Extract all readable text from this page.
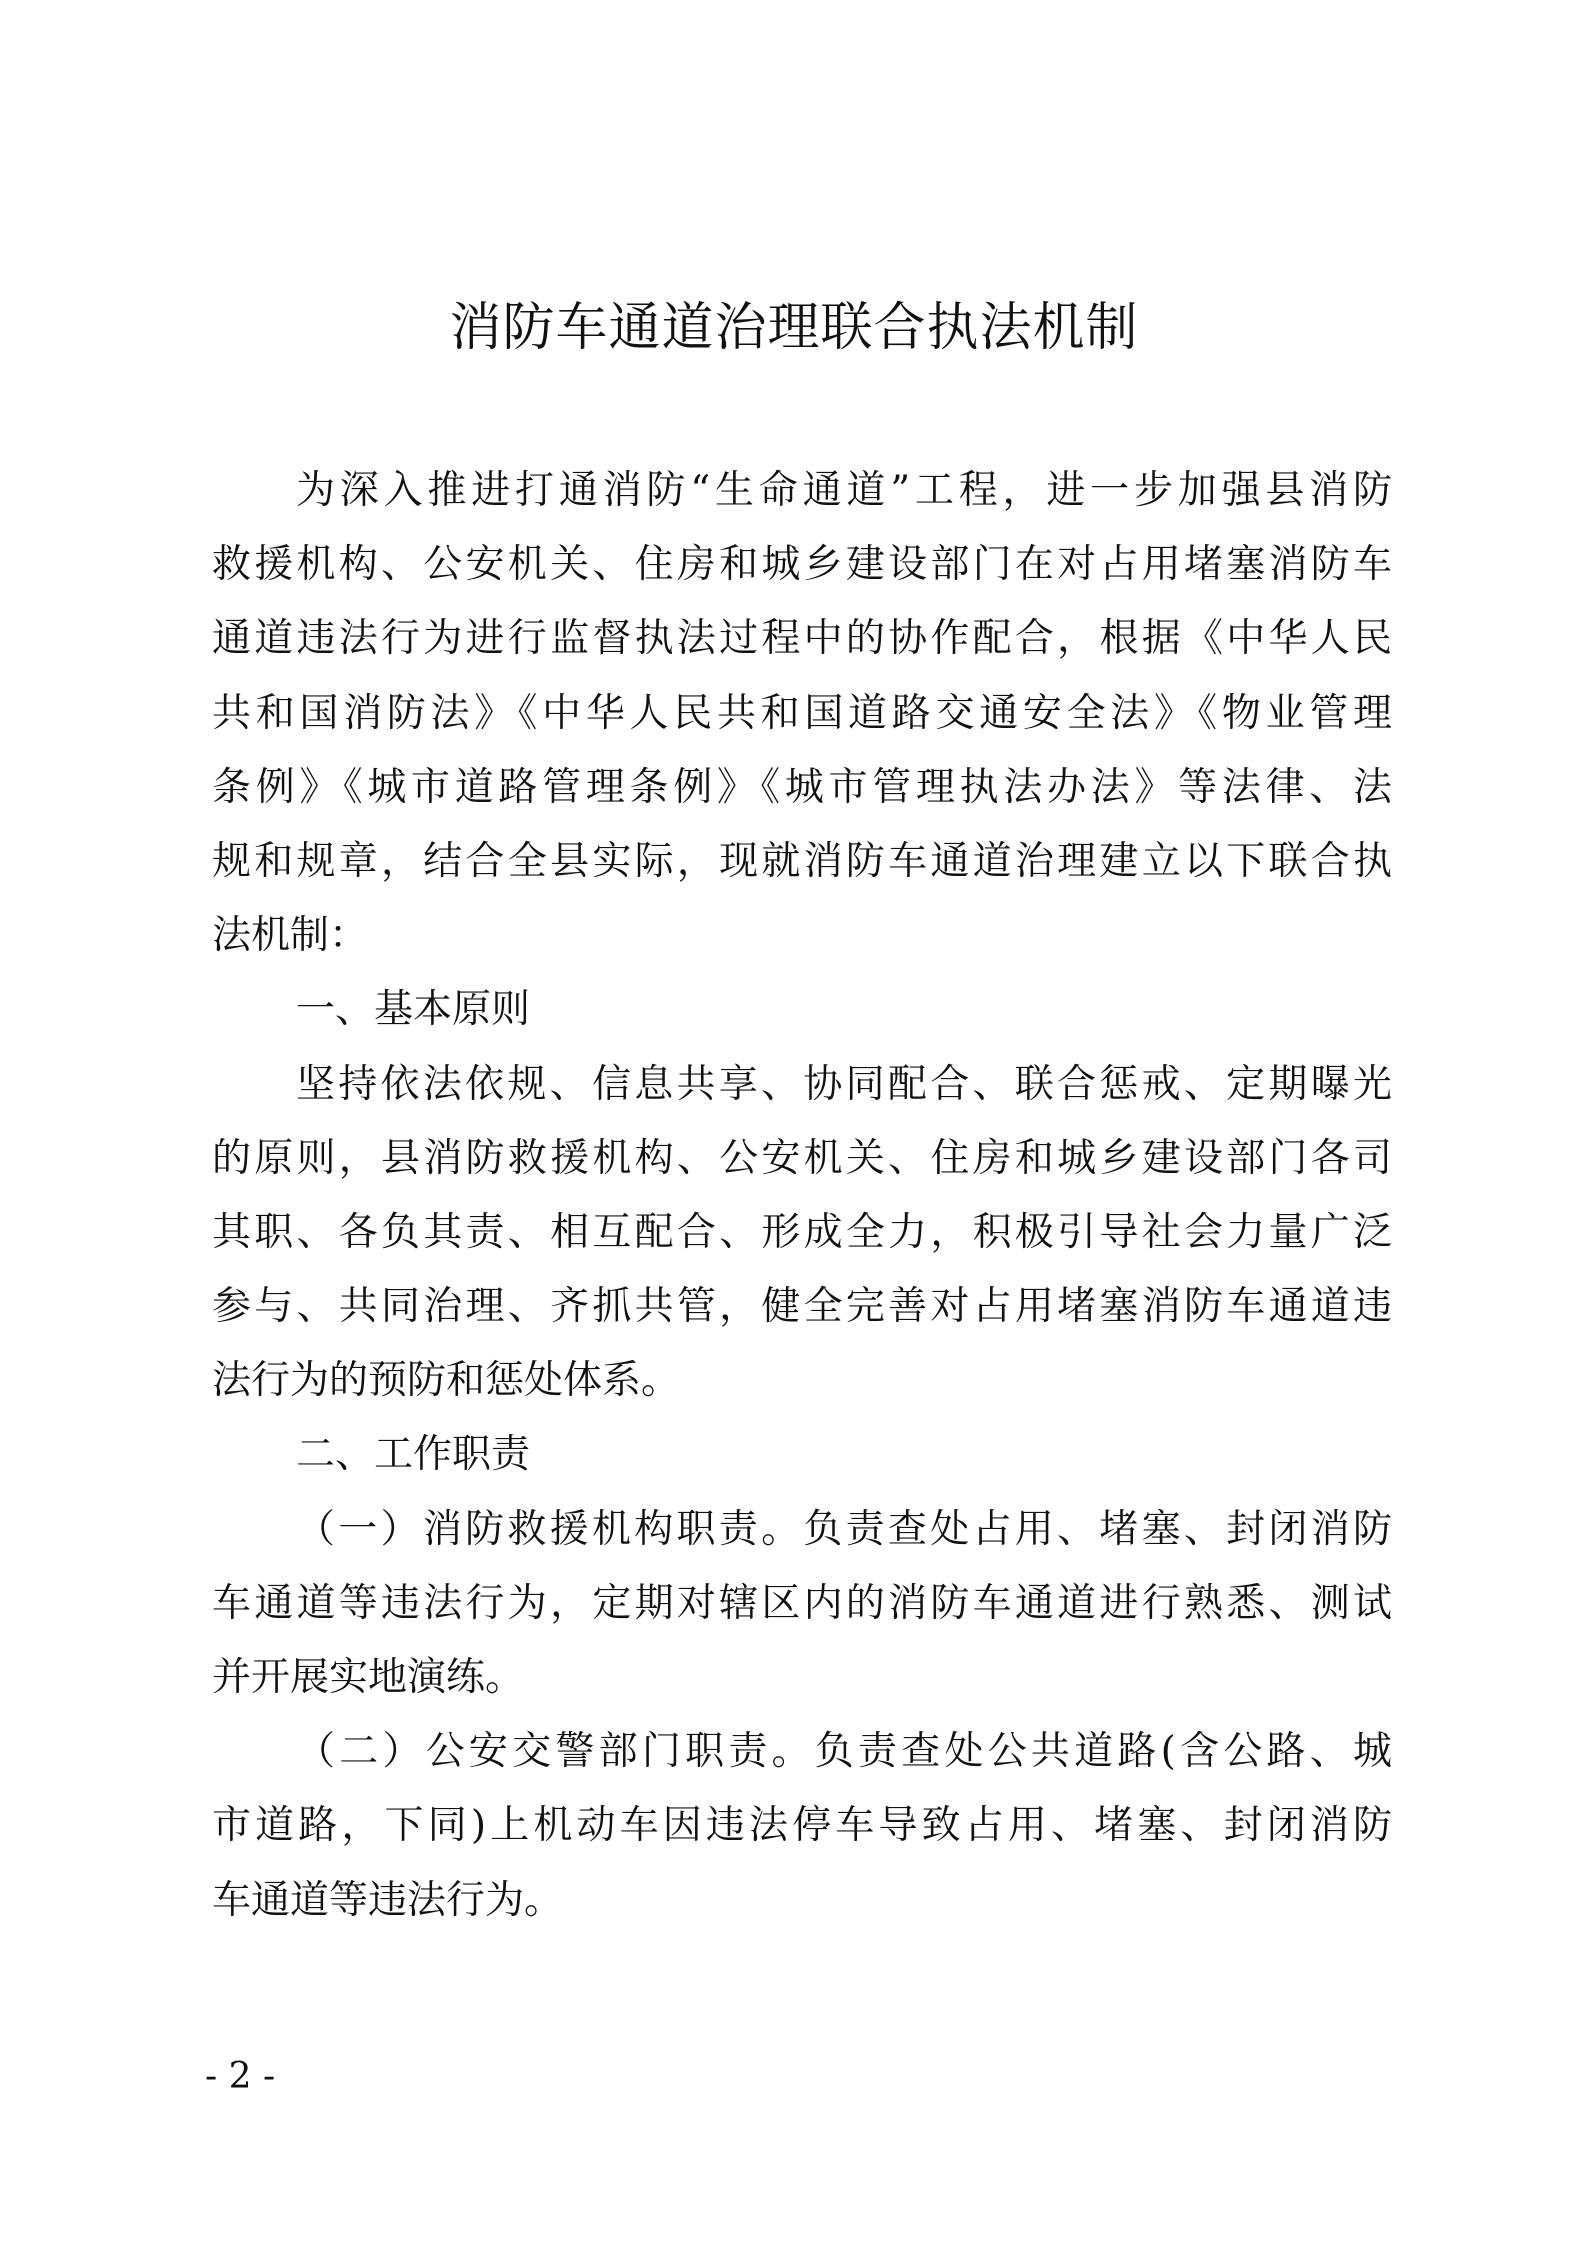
消防车通道治理联合执法机制
为深入推进打通消防“生命通道”工程，进一步加强县消防
救援机构、公安机关、住房和城乡建设部门在对占用堵塞消防车
通道违法行为进行监督执法过程中的协作配合，根据《中华人民
共和国消防法》《中华人民共和国道路交通安全法》《物业管理
条例》《城市道路管理条例》《城市管理执法办法》等法律、法
规和规章，结合全县实际，现就消防车通道治理建立以下联合执
法机制：
一、基本原则
坚持依法依规、信息共享、协同配合、联合惩戒、定期曝光
的原则，县消防救援机构、公安机关、住房和城乡建设部门各司
其职、各负其责、相互配合、形成全力，积极引导社会力量广泛
参与、共同治理、齐抓共管，健全完善对占用堵塞消防车通道违
法行为的预防和惩处体系。
二、工作职责
（一）消防救援机构职责。负责查处占用、堵塞、封闭消防
车通道等违法行为，定期对辖区内的消防车通道进行熟悉、测试
并开展实地演练。
（二）公安交警部门职责。负责查处公共道路(含公路、城
市道路，下同)上机动车因违法停车导致占用、堵塞、封闭消防
车通道等违法行为。
- 2 -
